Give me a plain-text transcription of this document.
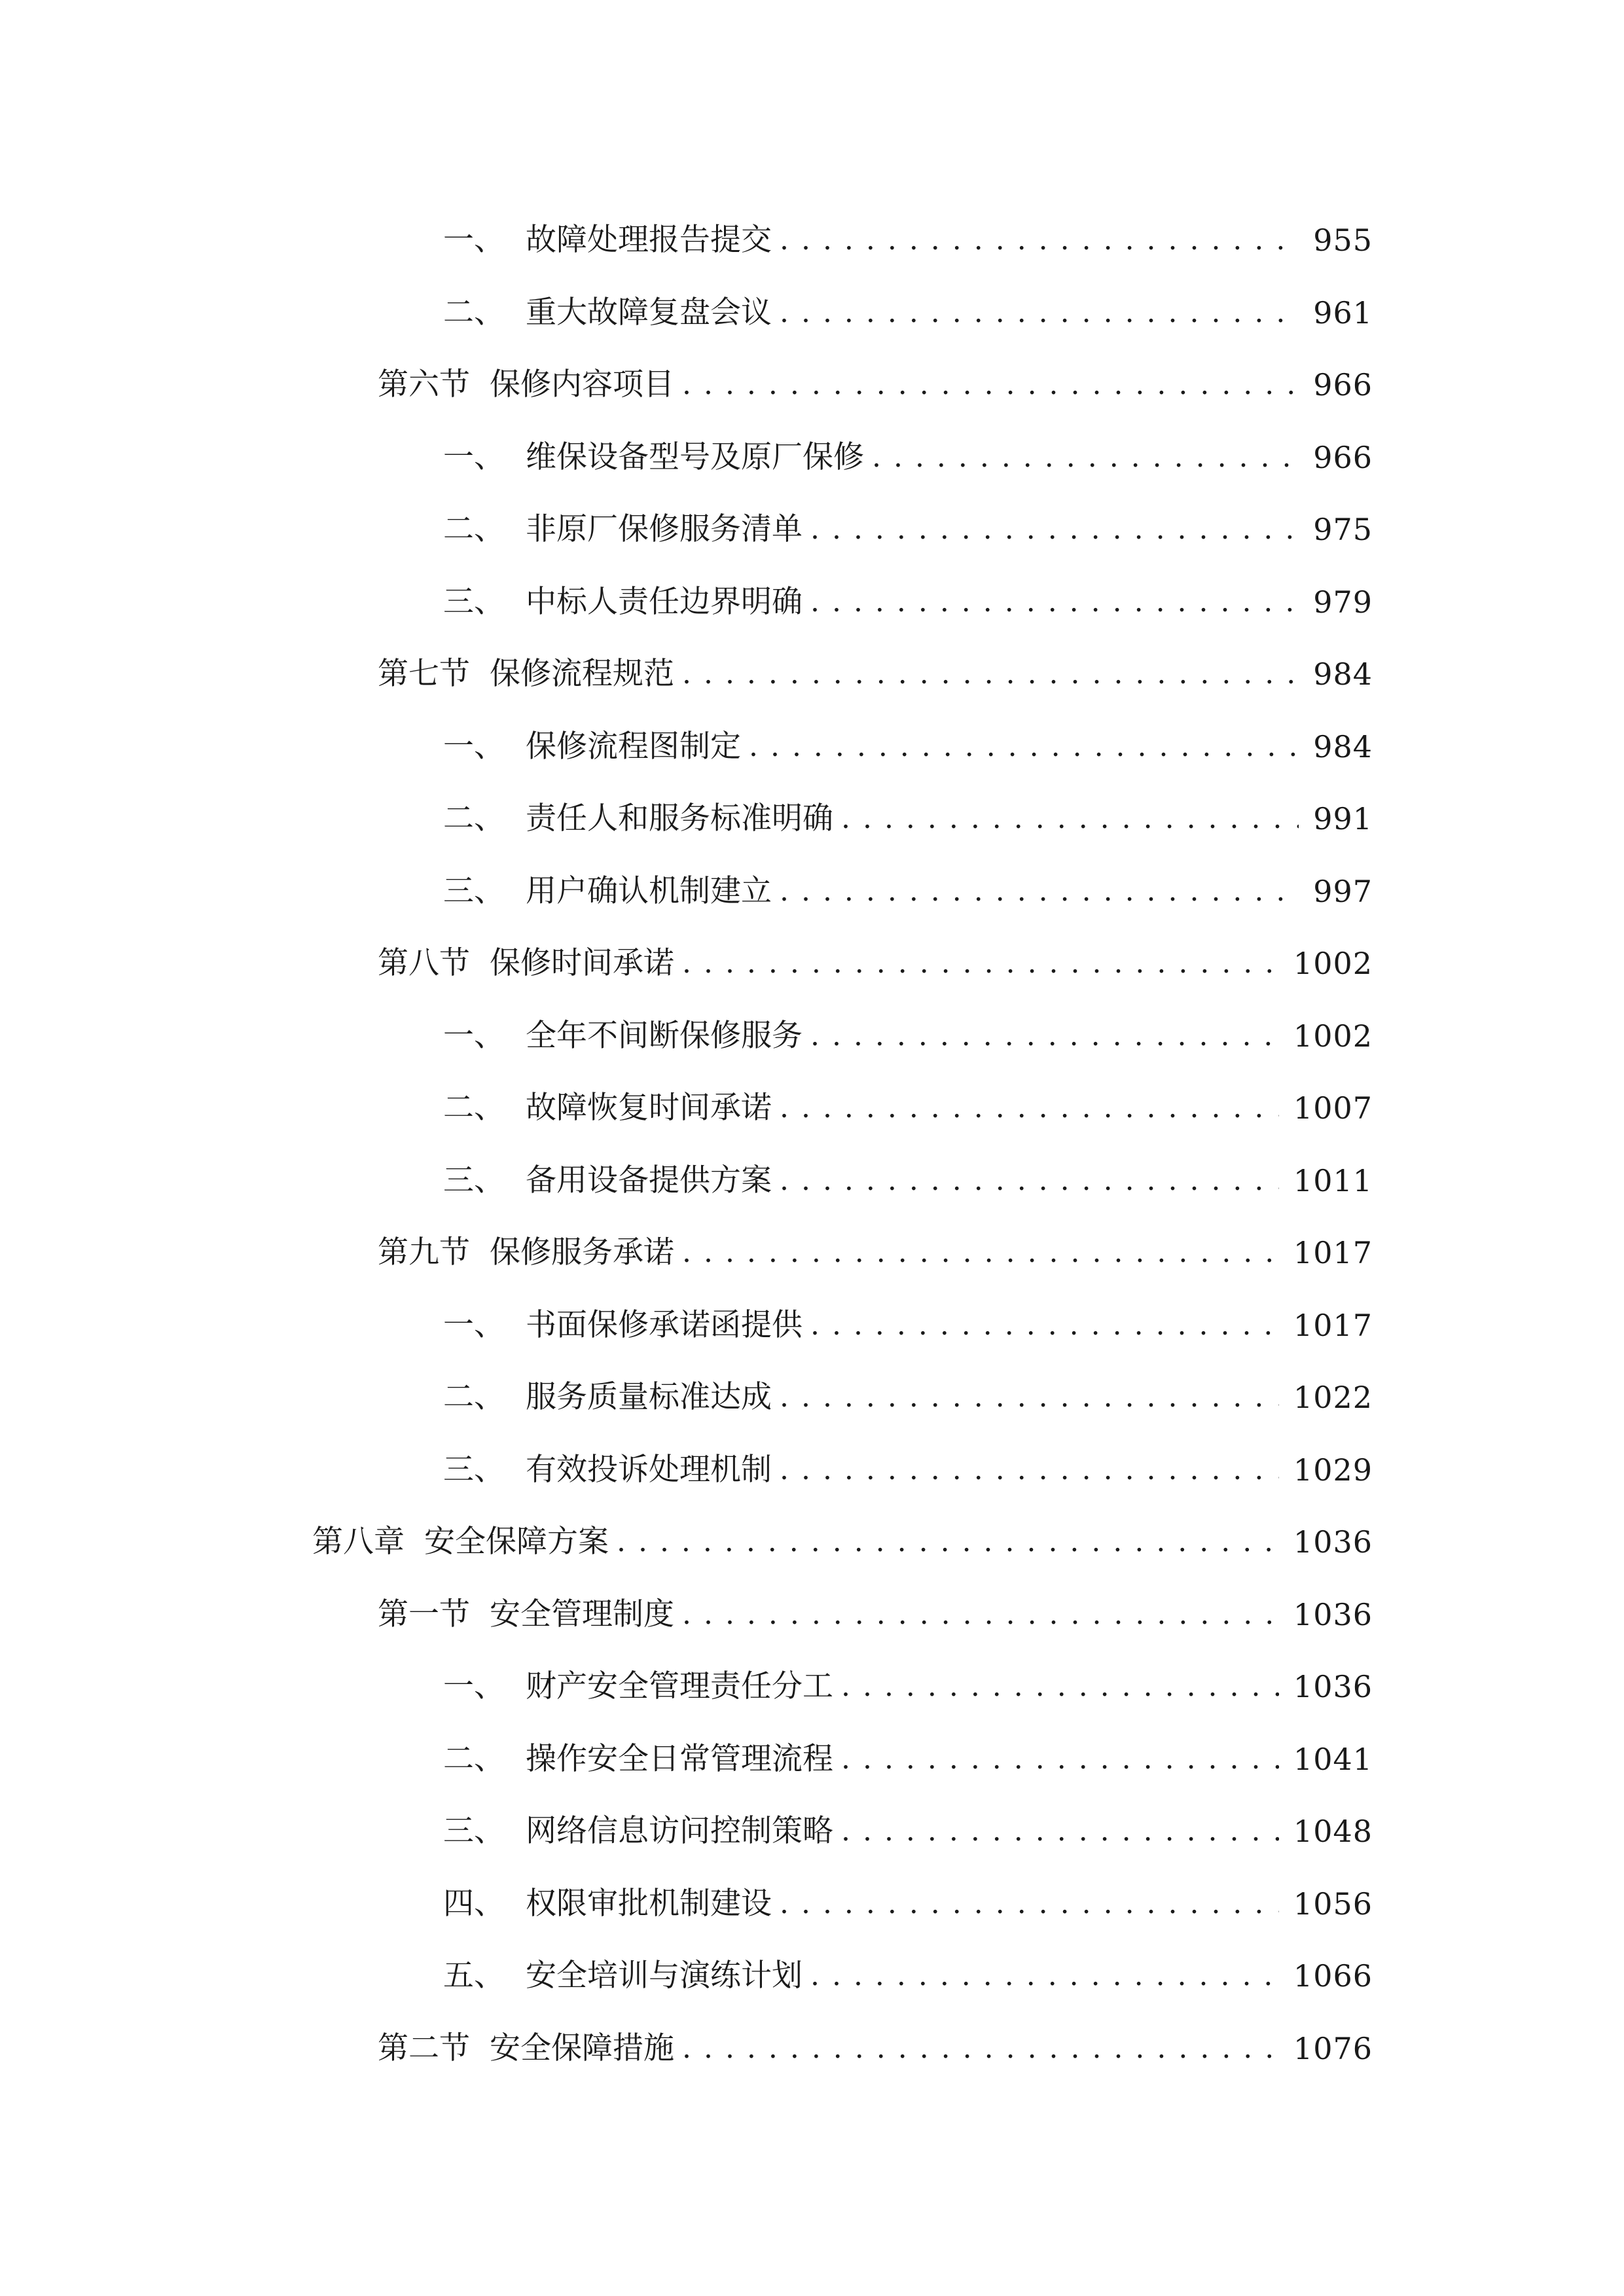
一、 故障处理报告提交 . . .	955
二、 重大故障复盘会议 . . .	961
第六节 保修内容项目 . . .	966
一、 维保设备型号及原厂保修 . . .	966
二、 非原厂保修服务清单 . . .	975
三、 中标人责任边界明确 . . .	979
第七节 保修流程规范 . . .	984
一、 保修流程图制定 . . .	984
二、 责任人和服务标准明确 . . .	991
三、 用户确认机制建立 . . .	997
第八节 保修时间承诺 . . .	1002
一、 全年不间断保修服务 . . .	1002
二、 故障恢复时间承诺 . . .	1007
三、 备用设备提供方案 . . .	1011
第九节 保修服务承诺 . . .	1017
一、 书面保修承诺函提供 . . .	1017
二、 服务质量标准达成 . . .	1022
三、 有效投诉处理机制 . . .	1029
第八章 安全保障方案 . . .	1036
第一节 安全管理制度 . . .	1036
一、 财产安全管理责任分工 . . .	1036
二、 操作安全日常管理流程 . . .	1041
三、 网络信息访问控制策略 . . .	1048
四、 权限审批机制建设 . . .	1056
五、 安全培训与演练计划 . . .	1066
第二节 安全保障措施 . . .	1076
